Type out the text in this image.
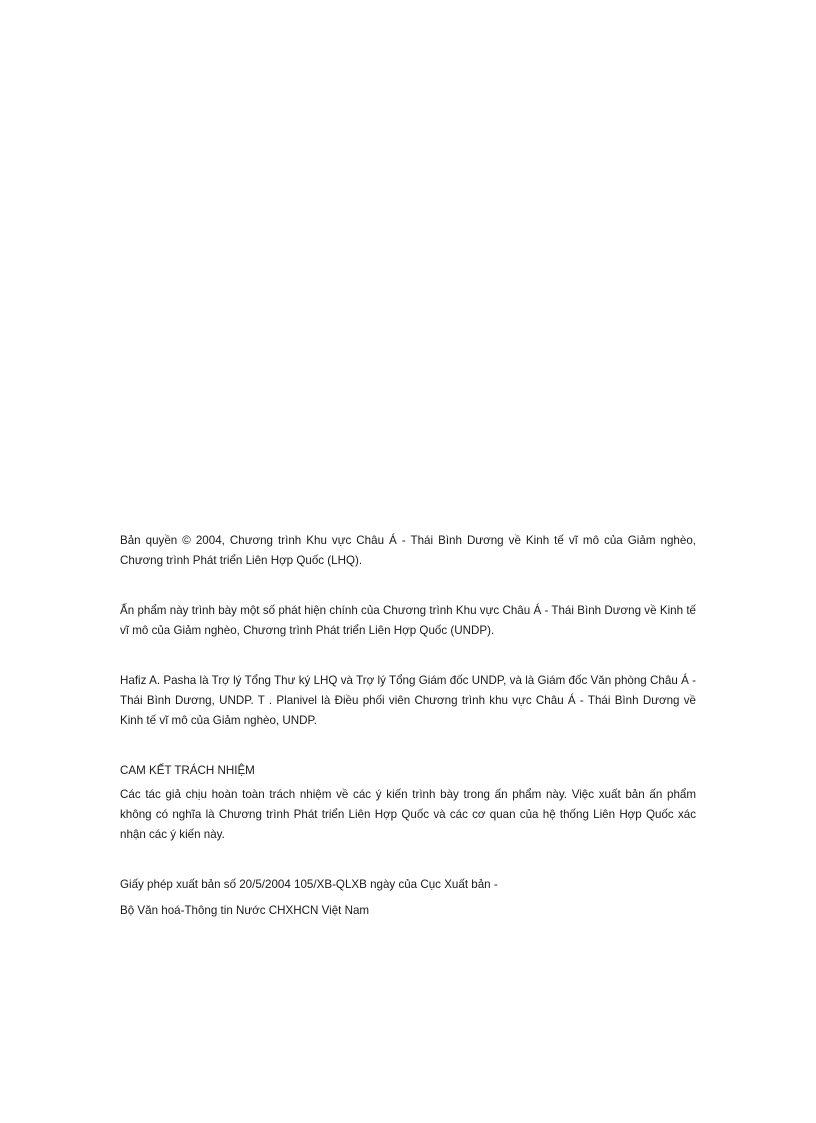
Bản quyền © 2004, Chương trình Khu vực Châu Á - Thái Bình Dương về Kinh tế vĩ mô của Giảm nghèo, Chương trình Phát triển Liên Hợp Quốc (LHQ).

Ấn phẩm này trình bày một số phát hiện chính của Chương trình Khu vực Châu Á - Thái Bình Dương về Kinh tế vĩ mô của Giảm nghèo, Chương trình Phát triển Liên Hợp Quốc (UNDP).

Hafiz A. Pasha là Trợ lý Tổng Thư ký LHQ và Trợ lý Tổng Giám đốc UNDP, và là Giám đốc Văn phòng Châu Á - Thái Bình Dương, UNDP. T . Planivel là Điều phối viên Chương trình khu vực Châu Á - Thái Bình Dương về Kinh tế vĩ mô của Giảm nghèo, UNDP.

CAM KẾT TRÁCH NHIỆM

Các tác giả chịu hoàn toàn trách nhiệm về các ý kiến trình bày trong ấn phẩm này. Việc xuất bản ấn phẩm không có nghĩa là Chương trình Phát triển Liên Hợp Quốc và các cơ quan của hệ thống Liên Hợp Quốc xác nhận các ý kiến này.

Giấy phép xuất bản số 20/5/2004 105/XB-QLXB ngày của Cục Xuất bản -

Bộ Văn hoá-Thông tin Nước CHXHCN Việt Nam
